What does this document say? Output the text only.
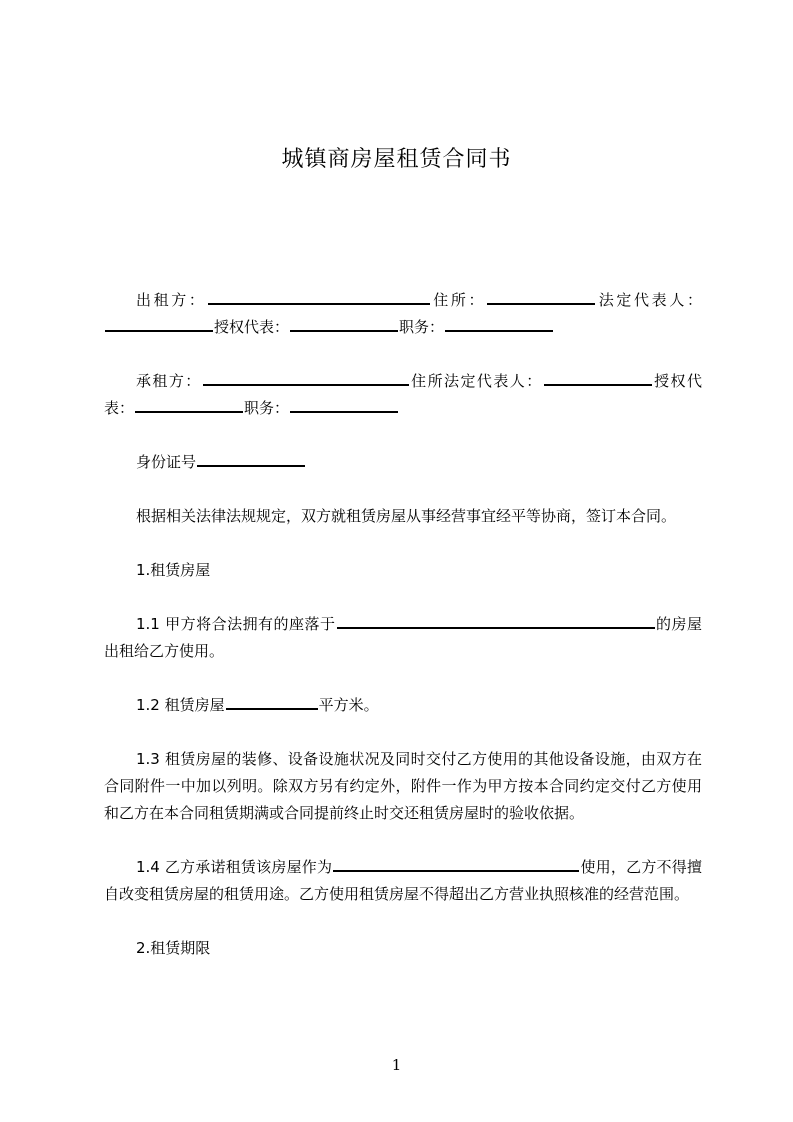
城镇商房屋租赁合同书

出租方：	住所：	法定代表人：授权代表：	职务：

承租方：	住所法定代表人：	授权代表：	职务：

身份证号

根据相关法律法规规定，双方就租赁房屋从事经营事宜经平等协商，签订本合同。

1.租赁房屋

1.1 甲方将合法拥有的座落于	的房屋出租给乙方使用。

1.2 租赁房屋	平方米。

1.3 租赁房屋的装修、设备设施状况及同时交付乙方使用的其他设备设施，由双方在合同附件一中加以列明。除双方另有约定外，附件一作为甲方按本合同约定交付乙方使用和乙方在本合同租赁期满或合同提前终止时交还租赁房屋时的验收依据。

1.4 乙方承诺租赁该房屋作为	使用，乙方不得擅自改变租赁房屋的租赁用途。乙方使用租赁房屋不得超出乙方营业执照核准的经营范围。

2.租赁期限

1
